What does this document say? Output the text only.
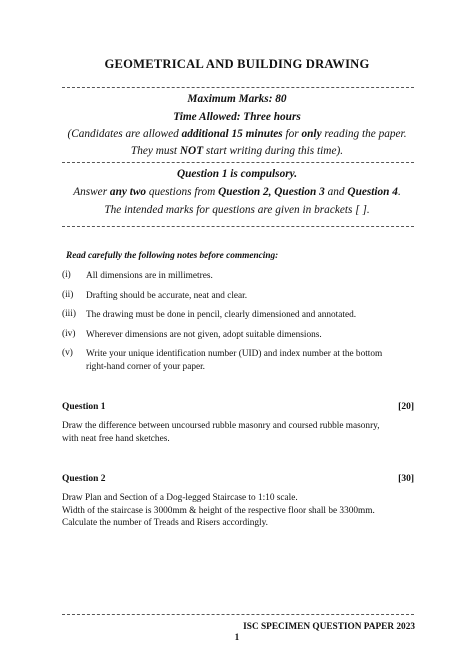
GEOMETRICAL AND BUILDING DRAWING
Maximum Marks: 80
Time Allowed: Three hours
(Candidates are allowed additional 15 minutes for only reading the paper.
They must NOT start writing during this time).
Question 1 is compulsory.
Answer any two questions from Question 2, Question 3 and Question 4.
The intended marks for questions are given in brackets [ ].
Read carefully the following notes before commencing:
(i) All dimensions are in millimetres.
(ii) Drafting should be accurate, neat and clear.
(iii) The drawing must be done in pencil, clearly dimensioned and annotated.
(iv) Wherever dimensions are not given, adopt suitable dimensions.
(v) Write your unique identification number (UID) and index number at the bottom right-hand corner of your paper.
Question 1	[20]
Draw the difference between uncoursed rubble masonry and coursed rubble masonry,
with neat free hand sketches.
Question 2	[30]
Draw Plan and Section of a Dog-legged Staircase to 1:10 scale.
Width of the staircase is 3000mm & height of the respective floor shall be 3300mm.
Calculate the number of Treads and Risers accordingly.
ISC SPECIMEN QUESTION PAPER 2023
1
